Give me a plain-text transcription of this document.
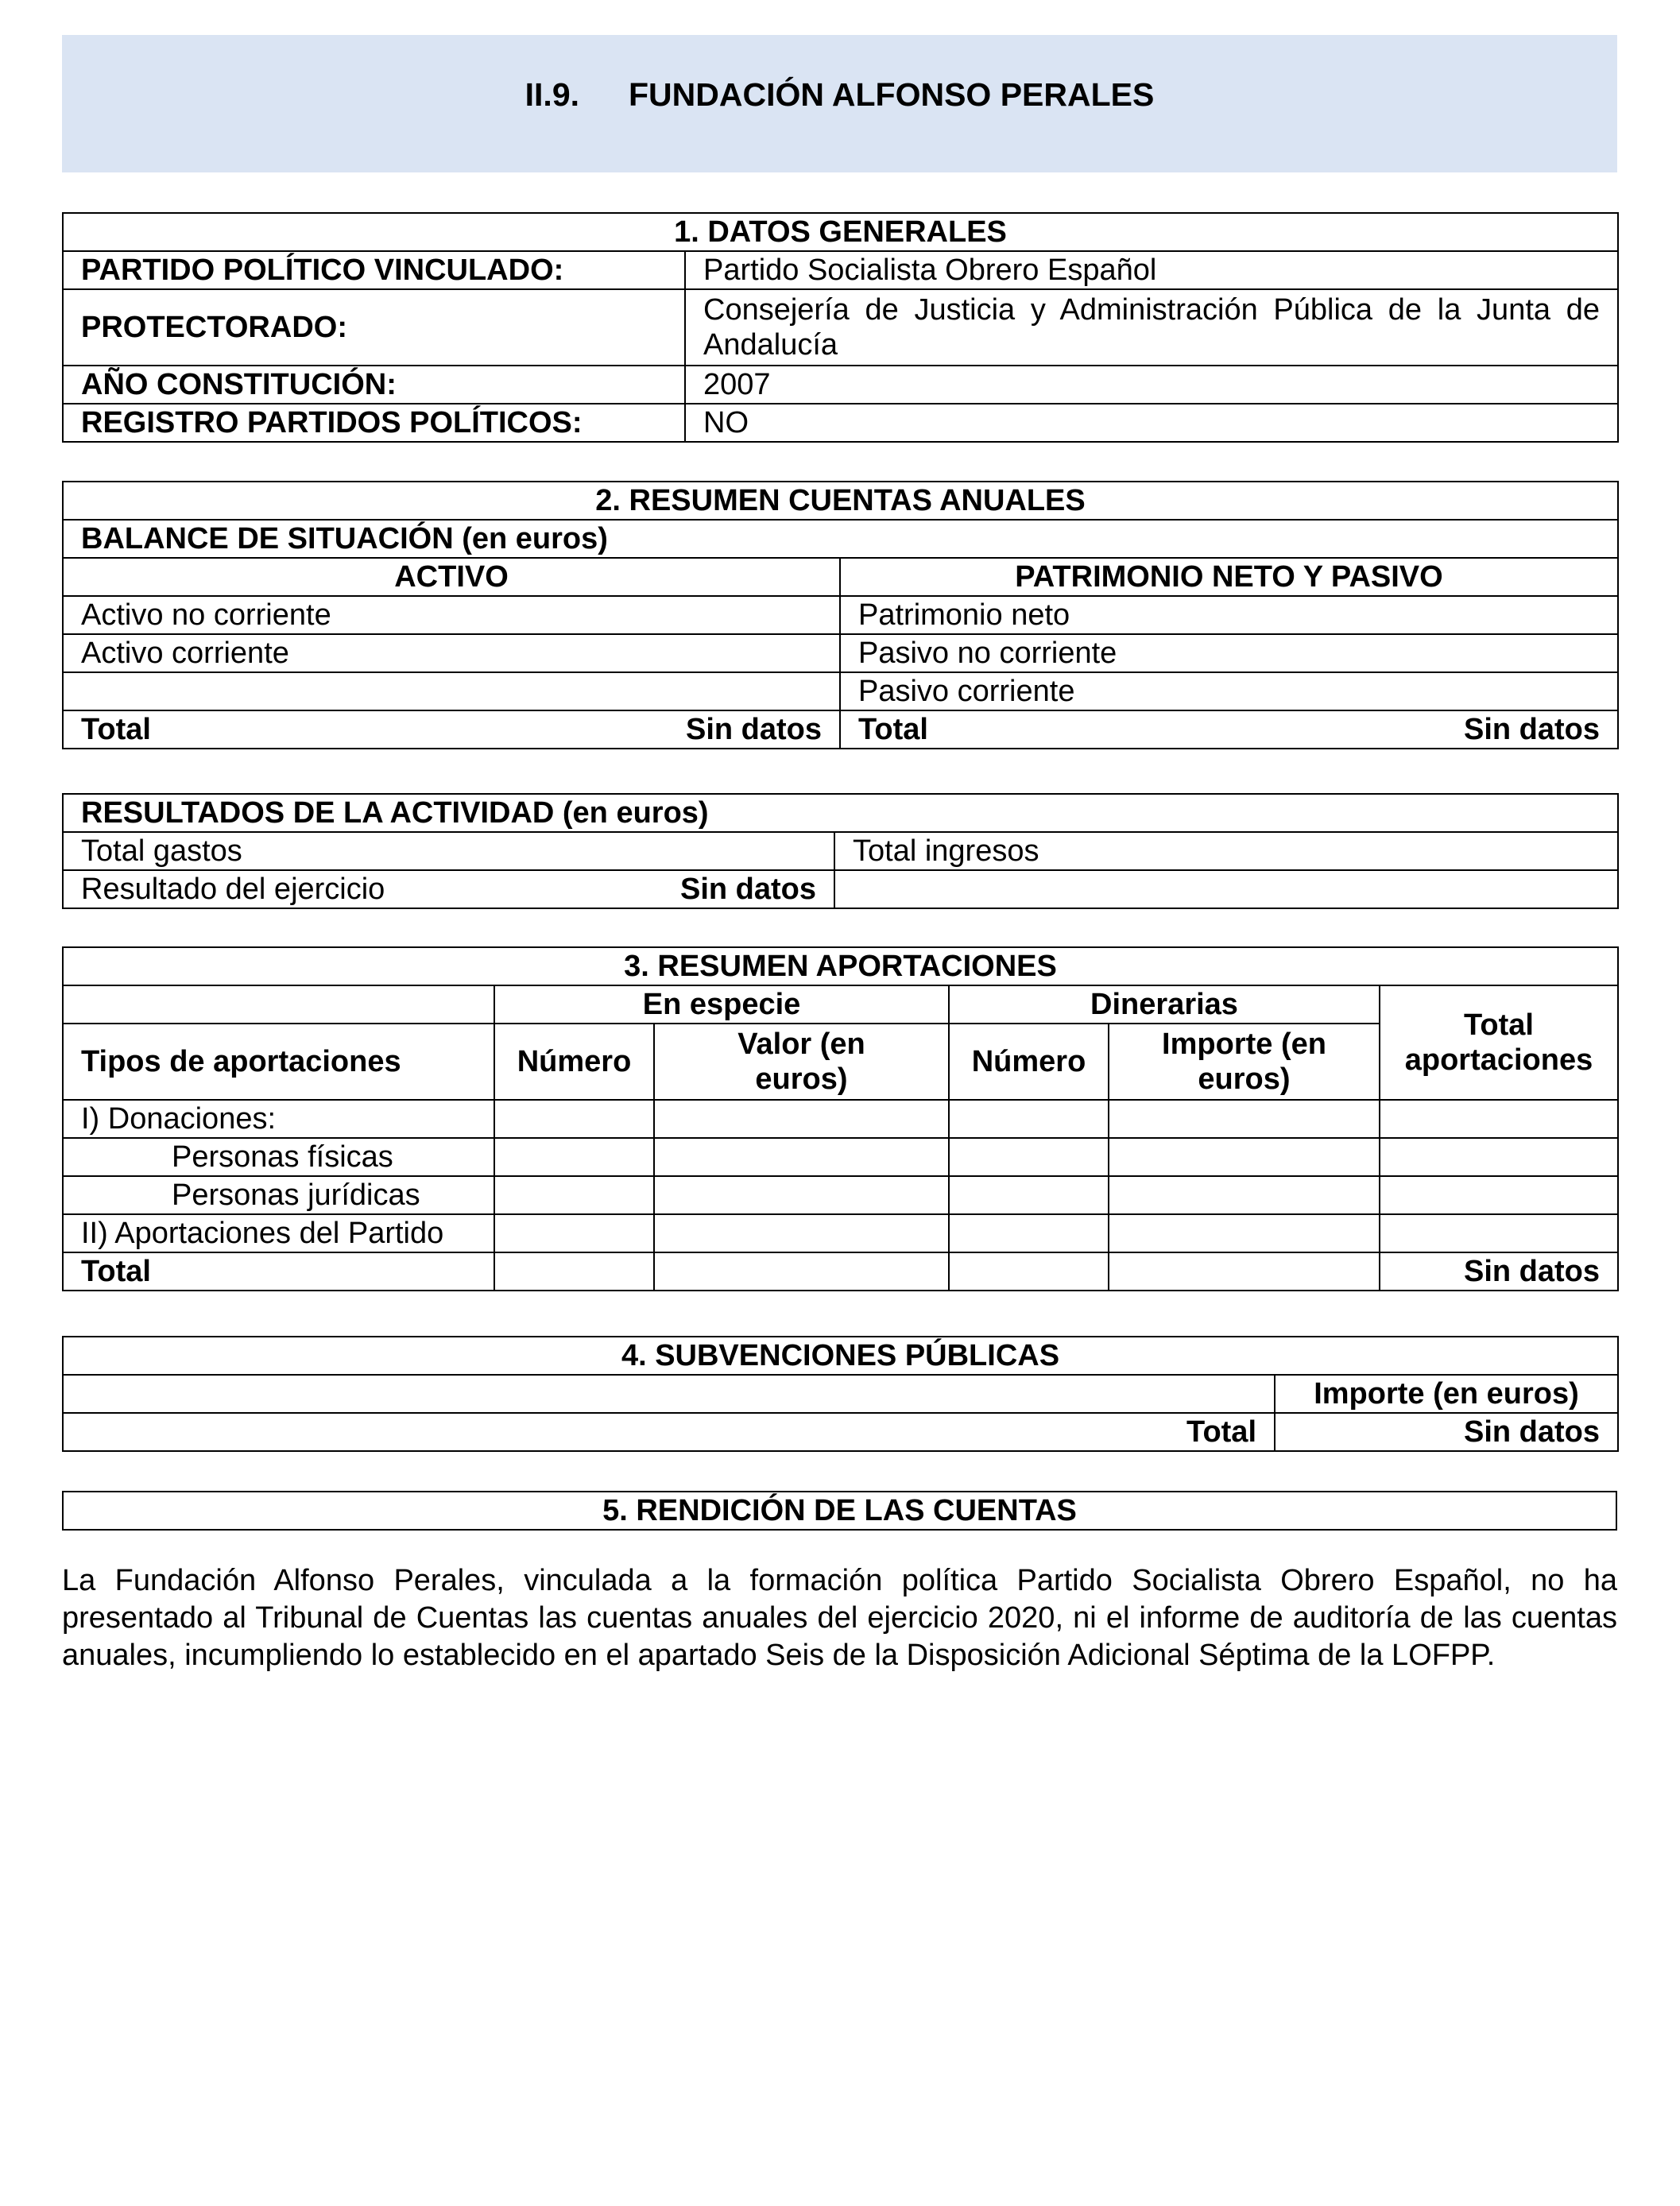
II.9. FUNDACIÓN ALFONSO PERALES
1. DATOS GENERALES	
PARTIDO POLÍTICO VINCULADO:	Partido Socialista Obrero Español
PROTECTORADO:	Consejería de Justicia y Administración Pública de la Junta de Andalucía
AÑO CONSTITUCIÓN:	2007
REGISTRO PARTIDOS POLÍTICOS:	NO
2. RESUMEN CUENTAS ANUALES	
BALANCE DE SITUACIÓN (en euros)	
ACTIVO	PATRIMONIO NETO Y PASIVO
Activo no corriente	Patrimonio neto
Activo corriente	Pasivo no corriente
	Pasivo corriente

Total Sin datos	Total Sin datos
RESULTADOS DE LA ACTIVIDAD (en euros)	
Total gastos	Total ingresos

Resultado del ejercicio Sin datos	

3. RESUMEN APORTACIONES					
	En especie		Dinerarias		Total aportaciones
Tipos de aportaciones	Número	Valor (en euros)	Número	Importe (en euros)	
I) Donaciones:					
Personas físicas					
Personas jurídicas					
II) Aportaciones del Partido					
Total					Sin datos
4. SUBVENCIONES PÚBLICAS	
	Importe (en euros)
Total	Sin datos
5. RENDICIÓN DE LAS CUENTAS
La Fundación Alfonso Perales, vinculada a la formación política Partido Socialista Obrero Español, no ha presentado al Tribunal de Cuentas las cuentas anuales del ejercicio 2020, ni el informe de auditoría de las cuentas anuales, incumpliendo lo establecido en el apartado Seis de la Disposición Adicional Séptima de la LOFPP.
